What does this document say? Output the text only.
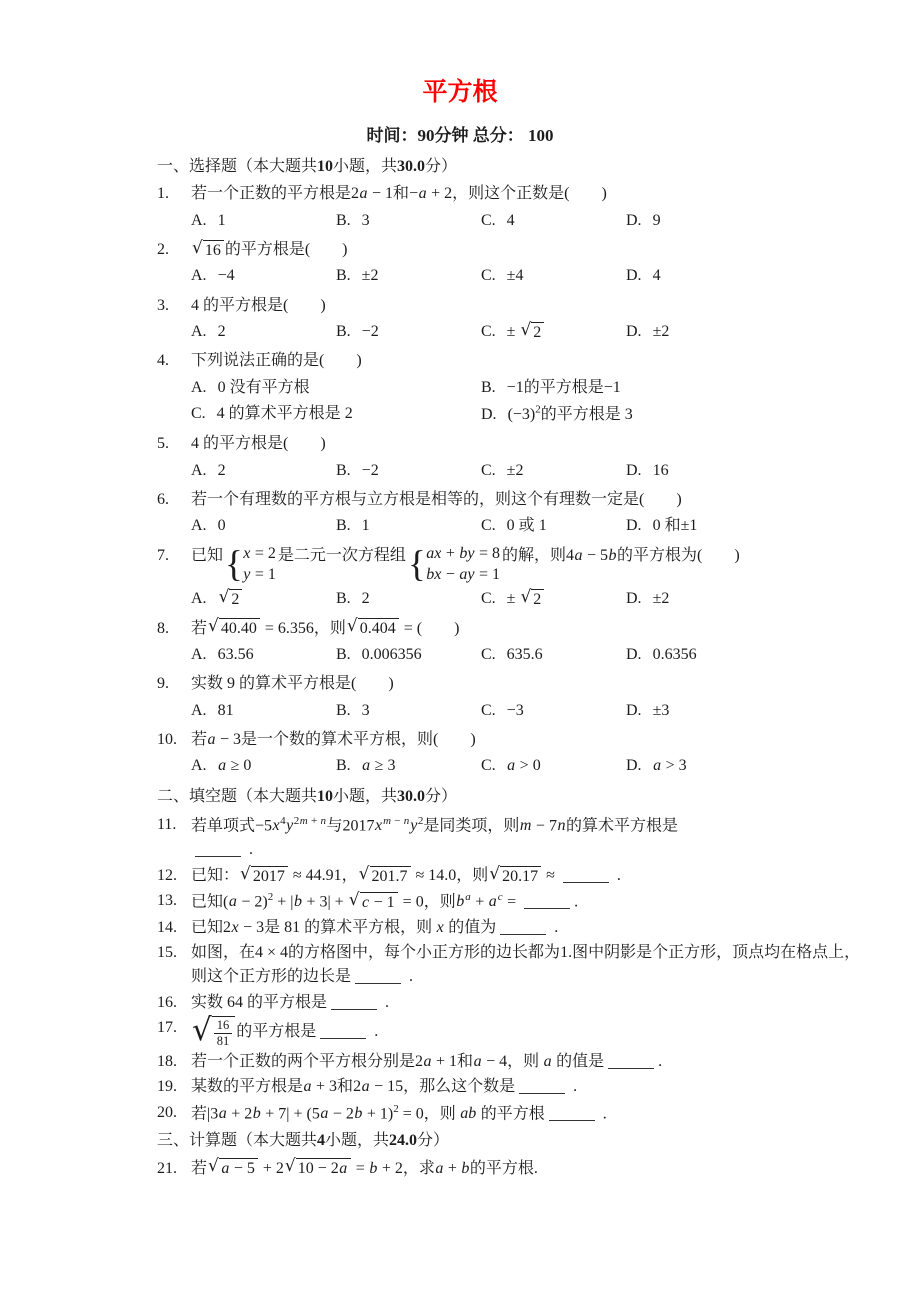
平方根
时间：90分钟 总分： 100
一、选择题（本大题共10小题，共30.0分）
1.	若一个正数的平方根是2a − 1和−a + 2，则这个正数是(　　)
A. 1	B. 3	C. 4	D. 9
2.	√ 16 的平方根是(　　)
A. −4	B. ±2	C. ±4	D. 4
3.	4 的平方根是(　　)
A. 2	B. −2	C. ± √ 2	D. ±2
4.	下列说法正确的是(　　)
A. 0 没有平方根	B. −1的平方根是−1
C. 4 的算术平方根是 2	D. $(-3)^2$的平方根是 3
5.	4 的平方根是(　　)
A. 2	B. −2	C. ±2	D. 16
6.	若一个有理数的平方根与立方根是相等的，则这个有理数一定是(　　)
A. 0	B. 1	C. 0 或 1	D. 0 和±1
7.	已知 { x = 2
y = 1
是二元一次方程组 { ax + by = 8
bx − ay = 1
的解，则4a − 5b的平方根为(　　)
A. √ 2	B. 2	C. ± √ 2	D. ±2
8.	若 √ 40.40 = 6.356，则 √ 0.404 = (　　)
A. 63.56	B. 0.006356	C. 635.6	D. 0.6356
9.	实数 9 的算术平方根是(　　)
A. 81	B. 3	C. −3	D. ±3
10. 若a − 3是一个数的算术平方根，则(　　)
A. a ≥ 0	B. a ≥ 3	C. a > 0	D. a > 3
二、填空题（本大题共10小题，共30.0分）
11. 若单项式$-5x^4y^{2m + n}$与$2017x^{m - n}y^2$是同类项，则m − 7n的算术平方根是
.
12. 已知： √ 2017 ≈ 44.91， √ 201.7 ≈ 14.0，则 √ 20.17 ≈	.
13. 已知$(a - 2)^2 + |b + 3|$ + √ c − 1 = 0，则$b^a + a^c$ =	.
14. 已知2x − 3是 81 的算术平方根，则 x 的值为	.
15. 如图，在4 × 4的方格图中，每个小正方形的边长都为1.图中阴影是个正方形，顶点均在格点上，则这个正方形的边长是	.
16. 实数 64 的平方根是	.
17. √ $\frac{16}{81}$ 的平方根是	.
18. 若一个正数的两个平方根分别是2a + 1和a − 4，则 a 的值是	.
19. 某数的平方根是a + 3和2a − 15，那么这个数是	.
20. 若$|3a + 2b + 7| + (5a - 2b + 1)^2 = 0$，则 ab 的平方根	.
三、计算题（本大题共4小题，共24.0分）
21. 若 √ a − 5 + 2 √ 10 − 2a = b + 2，求a + b的平方根.
